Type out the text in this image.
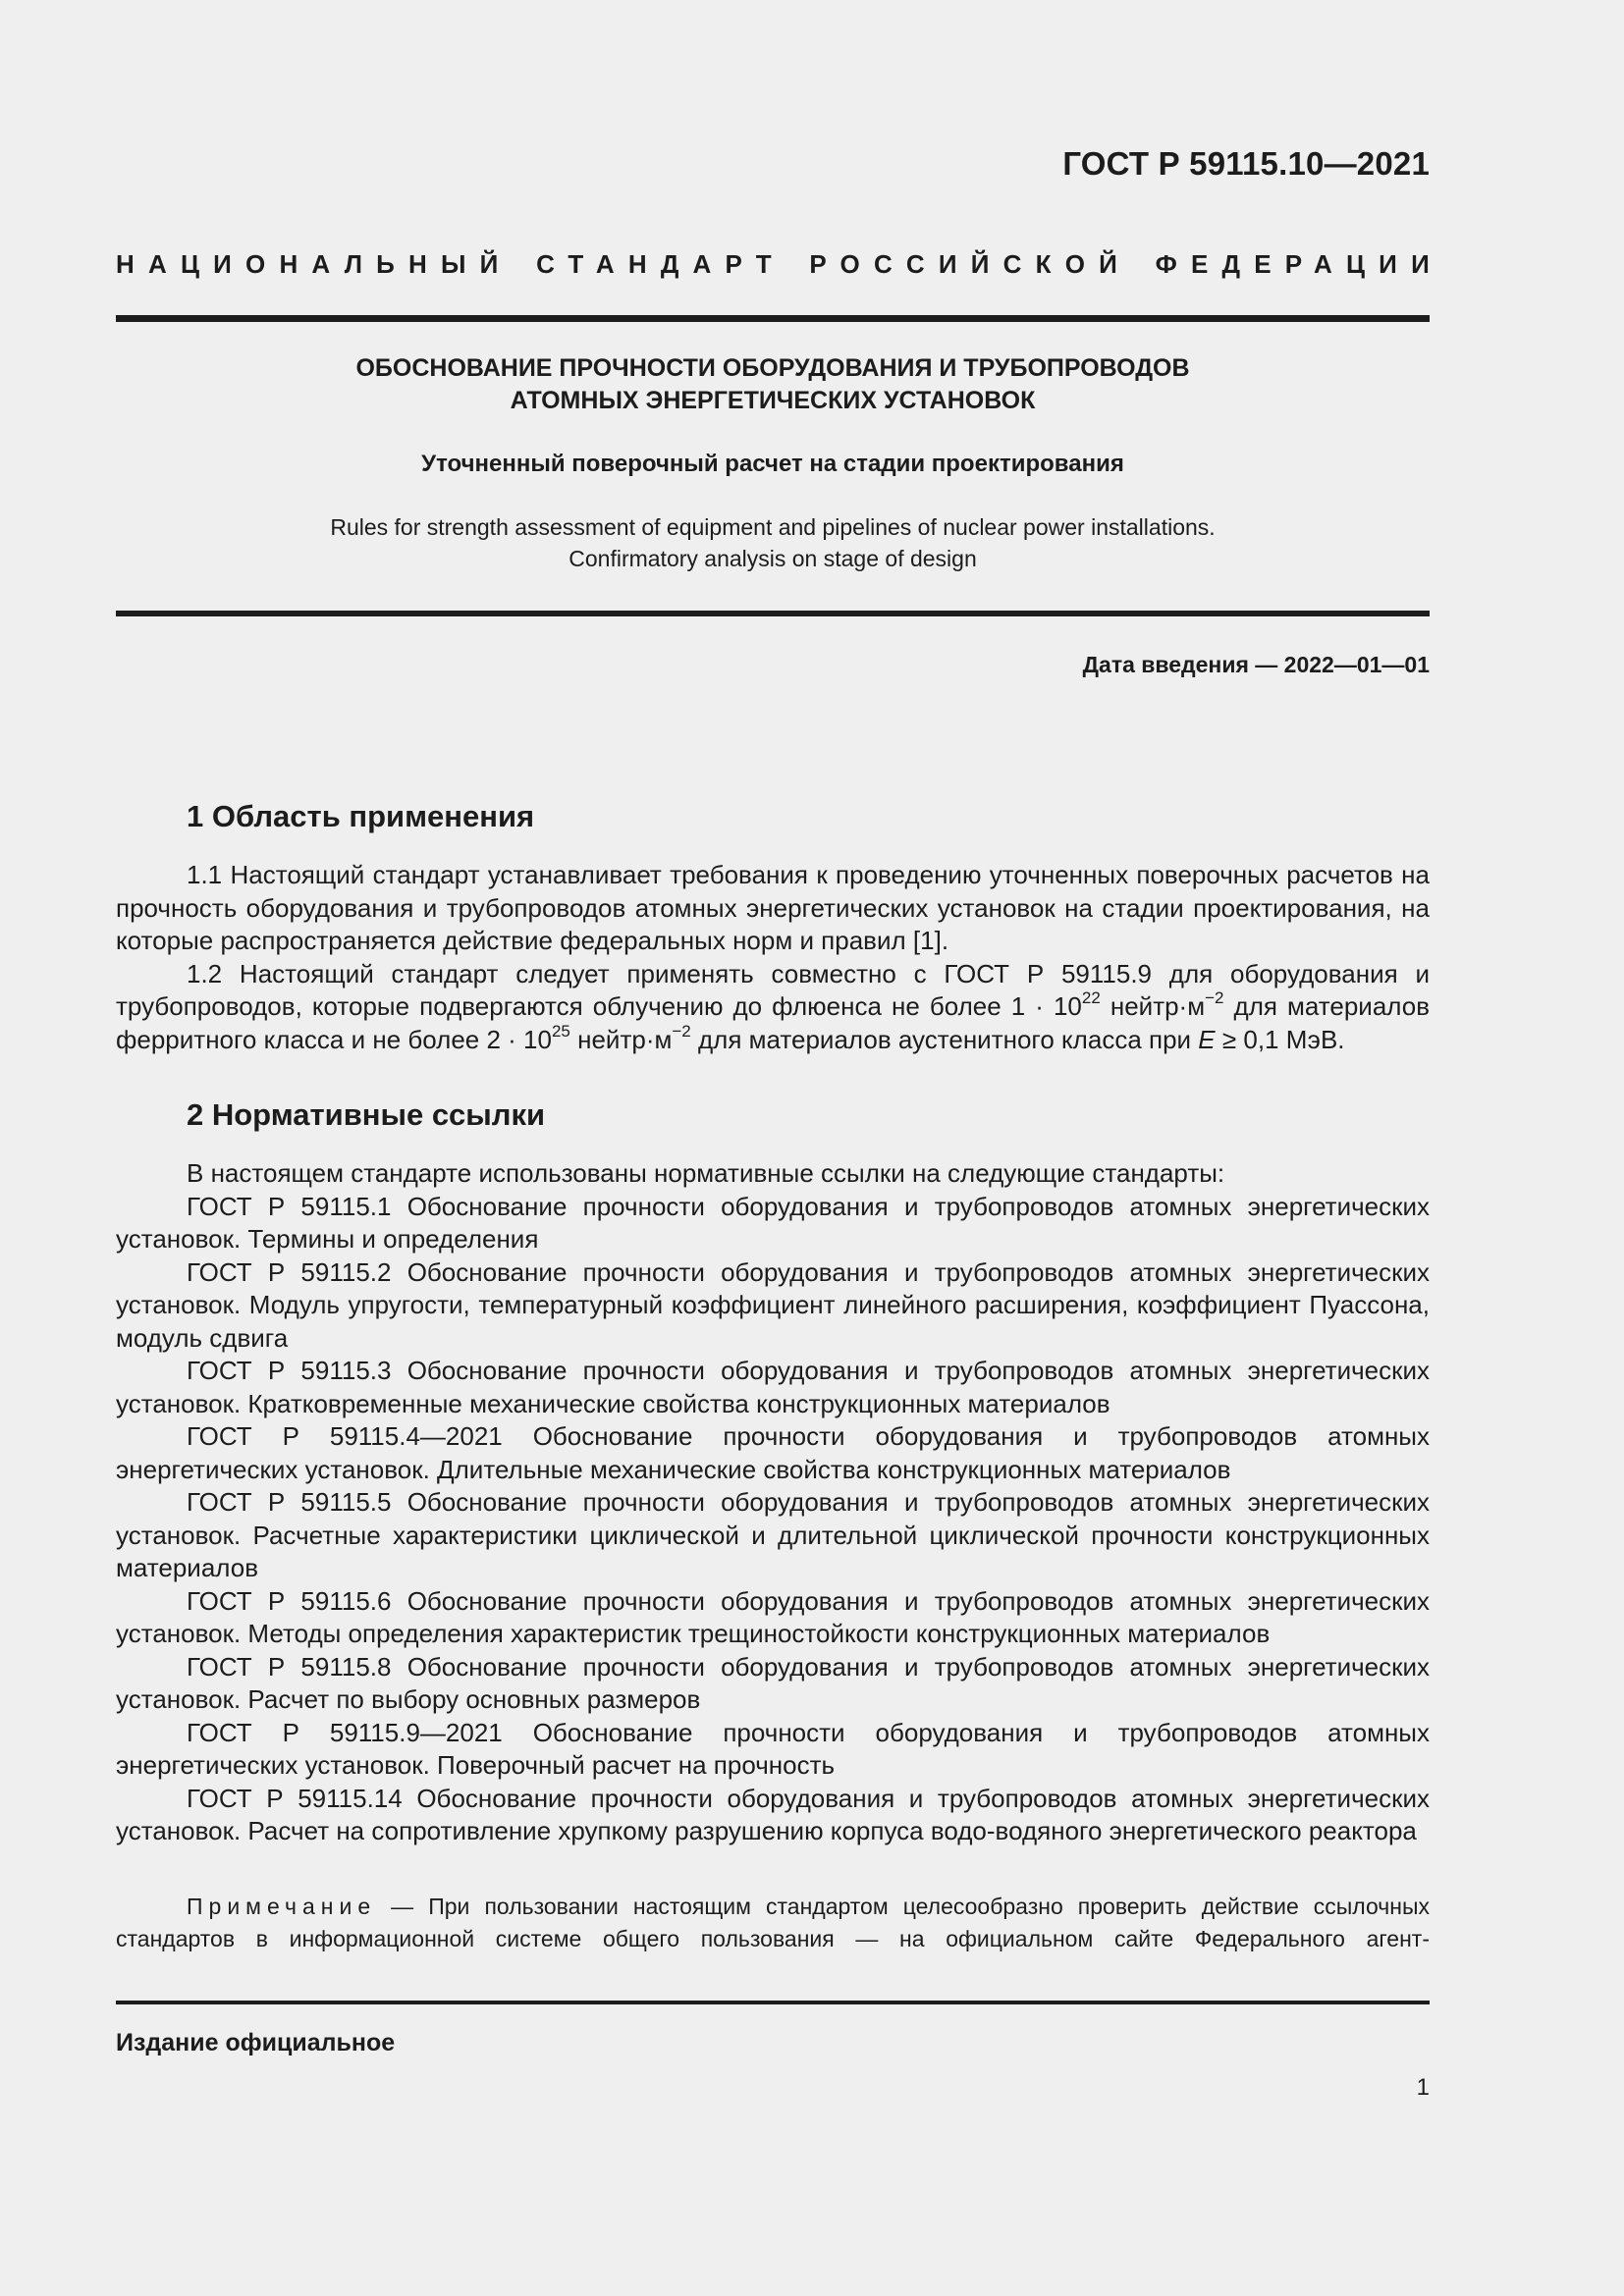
ГОСТ Р 59115.10—2021
НАЦИОНАЛЬНЫЙ СТАНДАРТ РОССИЙСКОЙ ФЕДЕРАЦИИ
ОБОСНОВАНИЕ ПРОЧНОСТИ ОБОРУДОВАНИЯ И ТРУБОПРОВОДОВ
АТОМНЫХ ЭНЕРГЕТИЧЕСКИХ УСТАНОВОК
Уточненный поверочный расчет на стадии проектирования
Rules for strength assessment of equipment and pipelines of nuclear power installations.
Confirmatory analysis on stage of design
Дата введения — 2022—01—01
1 Область применения

1.1 Настоящий стандарт устанавливает требования к проведению уточненных поверочных расчетов на прочность оборудования и трубопроводов атомных энергетических установок на стадии проектирования, на которые распространяется действие федеральных норм и правил [1].

1.2 Настоящий стандарт следует применять совместно с ГОСТ Р 59115.9 для оборудования и трубопроводов, которые подвергаются облучению до флюенса не более $1 \cdot 10^{22}$ $нейтр\cdot м^{-2}$ для материалов ферритного класса и не более $2 \cdot 10^{25}$ $нейтр\cdot м^{-2}$ для материалов аустенитного класса при E ≥ 0,1 МэВ.

2 Нормативные ссылки

В настоящем стандарте использованы нормативные ссылки на следующие стандарты:

ГОСТ Р 59115.1 Обоснование прочности оборудования и трубопроводов атомных энергетических установок. Термины и определения

ГОСТ Р 59115.2 Обоснование прочности оборудования и трубопроводов атомных энергетических установок. Модуль упругости, температурный коэффициент линейного расширения, коэффициент Пуассона, модуль сдвига

ГОСТ Р 59115.3 Обоснование прочности оборудования и трубопроводов атомных энергетических установок. Кратковременные механические свойства конструкционных материалов

ГОСТ Р 59115.4—2021 Обоснование прочности оборудования и трубопроводов атомных энергетических установок. Длительные механические свойства конструкционных материалов

ГОСТ Р 59115.5 Обоснование прочности оборудования и трубопроводов атомных энергетических установок. Расчетные характеристики циклической и длительной циклической прочности конструкционных материалов

ГОСТ Р 59115.6 Обоснование прочности оборудования и трубопроводов атомных энергетических установок. Методы определения характеристик трещиностойкости конструкционных материалов

ГОСТ Р 59115.8 Обоснование прочности оборудования и трубопроводов атомных энергетических установок. Расчет по выбору основных размеров

ГОСТ Р 59115.9—2021 Обоснование прочности оборудования и трубопроводов атомных энергетических установок. Поверочный расчет на прочность

ГОСТ Р 59115.14 Обоснование прочности оборудования и трубопроводов атомных энергетических установок. Расчет на сопротивление хрупкому разрушению корпуса водо-водяного энергетического реактора

Примечание — При пользовании настоящим стандартом целесообразно проверить действие ссылочных стандартов в информационной системе общего пользования — на официальном сайте Федерального агент-

Издание официальное
1
